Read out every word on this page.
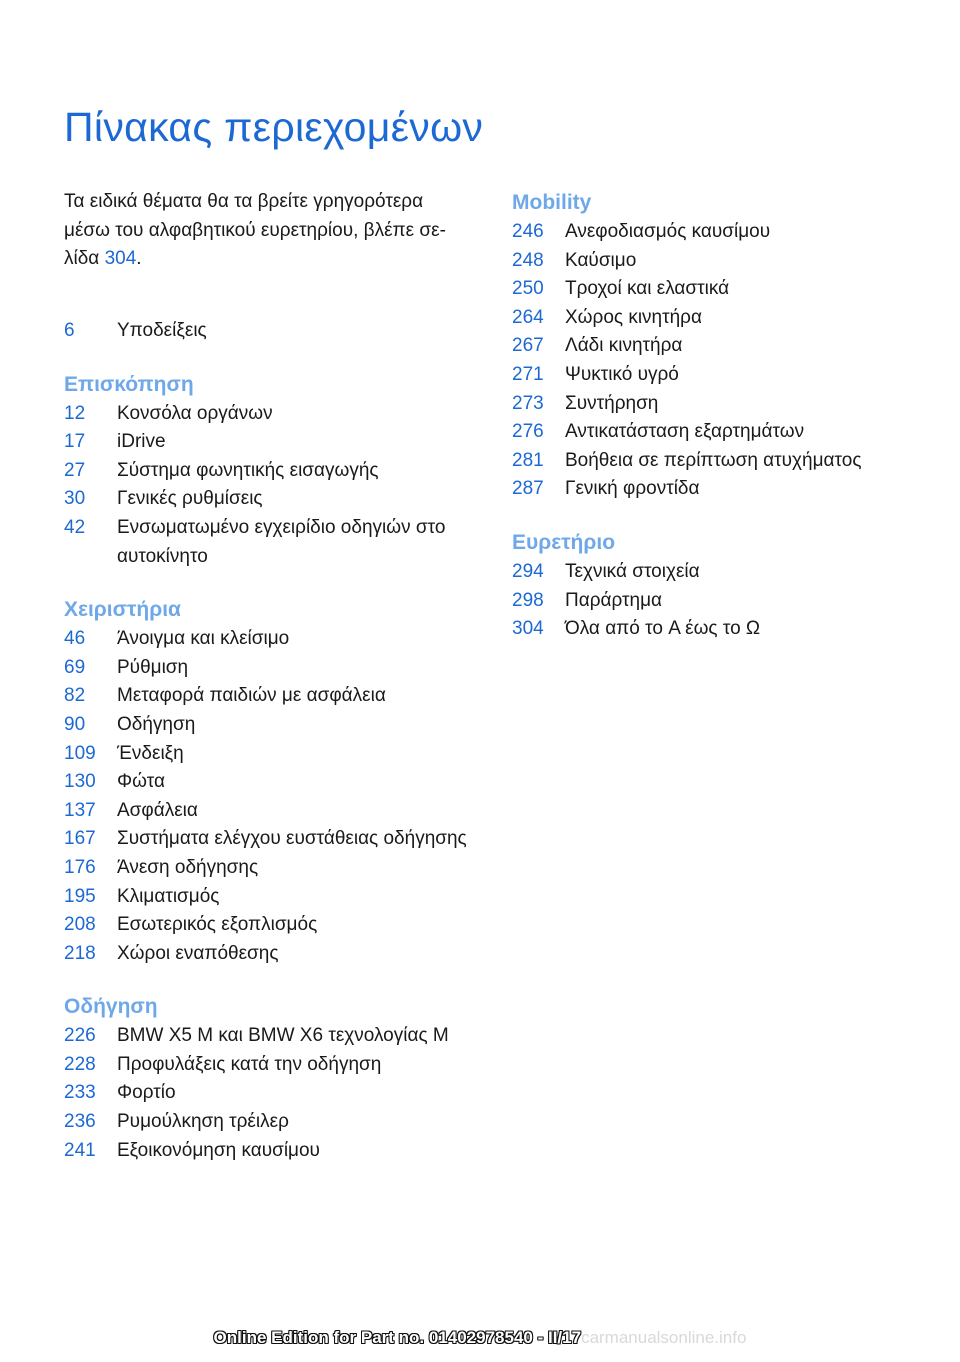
Πίνακας περιεχομένων

Τα ειδικά θέματα θα τα βρείτε γρηγορότερα μέσω του αλφαβητικού ευρετηρίου, βλέπε σε-λίδα 304.

6	Υποδείξεις
Επισκόπηση
12	Κονσόλα οργάνων
17	iDrive
27	Σύστημα φωνητικής εισαγωγής
30	Γενικές ρυθμίσεις
42	Ενσωματωμένο εγχειρίδιο οδηγιών στο αυτοκίνητο
Χειριστήρια
46	Άνοιγμα και κλείσιμο
69	Ρύθμιση
82	Μεταφορά παιδιών με ασφάλεια
90	Οδήγηση
109	Ένδειξη
130	Φώτα
137	Ασφάλεια
167	Συστήματα ελέγχου ευστάθειας οδήγησης
176	Άνεση οδήγησης
195	Κλιματισμός
208	Εσωτερικός εξοπλισμός
218	Χώροι εναπόθεσης
Οδήγηση
226	BMW X5 M και BMW X6 τεχνολογίας M
228	Προφυλάξεις κατά την οδήγηση
233	Φορτίο
236	Ρυμούλκηση τρέιλερ
241	Εξοικονόμηση καυσίμου
Mobility
246	Ανεφοδιασμός καυσίμου
248	Καύσιμο
250	Τροχοί και ελαστικά
264	Χώρος κινητήρα
267	Λάδι κινητήρα
271	Ψυκτικό υγρό
273	Συντήρηση
276	Αντικατάσταση εξαρτημάτων
281	Βοήθεια σε περίπτωση ατυχήματος
287	Γενική φροντίδα
Ευρετήριο
294	Τεχνικά στοιχεία
298	Παράρτημα
304	Όλα από το A έως το Ω
Online Edition for Part no. 01402978540 - II/17carmanualsonline.info
